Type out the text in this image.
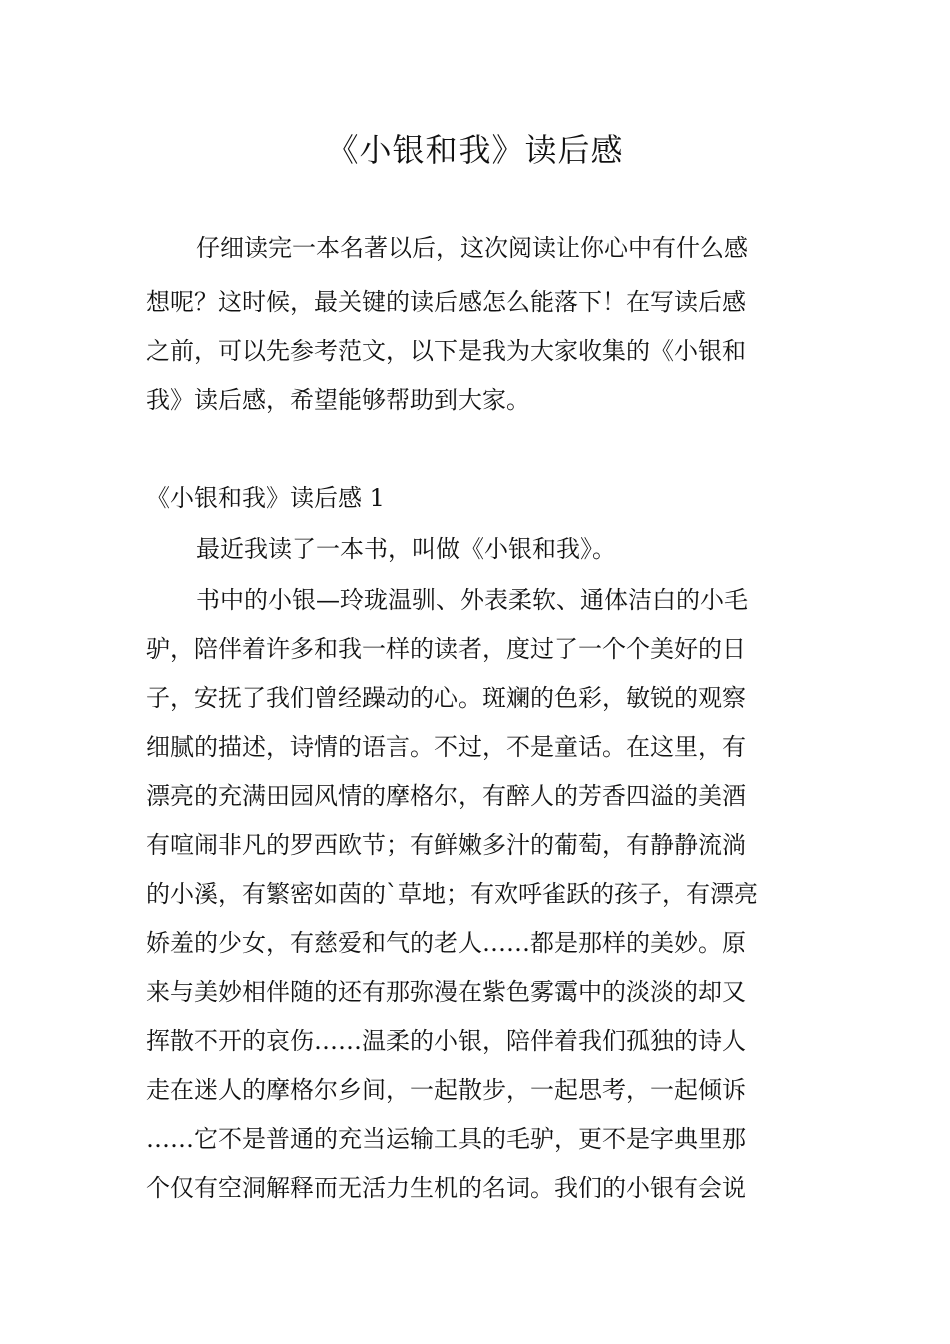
《小银和我》读后感
仔细读完一本名著以后，这次阅读让你心中有什么感
想呢？这时候，最关键的读后感怎么能落下！在写读后感
之前，可以先参考范文，以下是我为大家收集的《小银和
我》读后感，希望能够帮助到大家。
《小银和我》读后感 1
最近我读了一本书，叫做《小银和我》。
书中的小银—玲珑温驯、外表柔软、通体洁白的小毛
驴，陪伴着许多和我一样的读者，度过了一个个美好的日
子，安抚了我们曾经躁动的心。斑斓的色彩，敏锐的观察
细腻的描述，诗情的语言。不过，不是童话。在这里，有
漂亮的充满田园风情的摩格尔，有醉人的芳香四溢的美酒
有喧闹非凡的罗西欧节；有鲜嫩多汁的葡萄，有静静流淌
的小溪，有繁密如茵的`草地；有欢呼雀跃的孩子，有漂亮
娇羞的少女，有慈爱和气的老人……都是那样的美妙。原
来与美妙相伴随的还有那弥漫在紫色雾霭中的淡淡的却又
挥散不开的哀伤……温柔的小银，陪伴着我们孤独的诗人
走在迷人的摩格尔乡间，一起散步，一起思考，一起倾诉
……它不是普通的充当运输工具的毛驴，更不是字典里那
个仅有空洞解释而无活力生机的名词。我们的小银有会说
